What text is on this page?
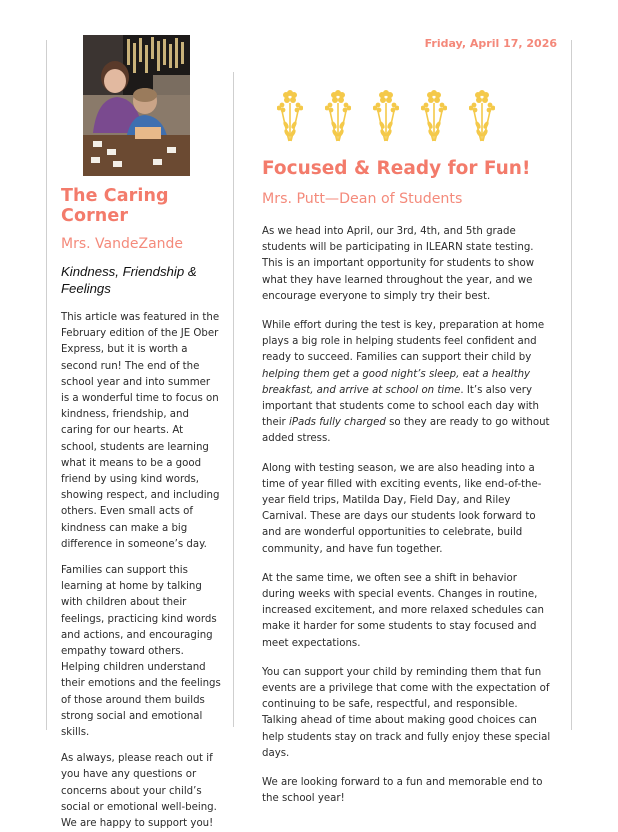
Friday, April 17, 2026
The Caring Corner
Mrs. VandeZande
Kindness, Friendship & Feelings

This article was featured in the February edition of the JE Ober Express, but it is worth a second run! The end of the school year and into summer is a wonderful time to focus on kindness, friendship, and caring for our hearts. At school, students are learning what it means to be a good friend by using kind words, showing respect, and including others. Even small acts of kindness can make a big difference in someone’s day.

Families can support this learning at home by talking with children about their feelings, practicing kind words and actions, and encouraging empathy toward others. Helping children understand their emotions and the feelings of those around them builds strong social and emotional skills.

As always, please reach out if you have any questions or concerns about your child’s social or emotional well-being. We are happy to support you!

Focused & Ready for Fun!
Mrs. Putt—Dean of Students

As we head into April, our 3rd, 4th, and 5th grade students will be participating in ILEARN state testing. This is an important opportunity for students to show what they have learned throughout the year, and we encourage everyone to simply try their best.

While effort during the test is key, preparation at home plays a big role in helping students feel confident and ready to succeed. Families can support their child by helping them get a good night’s sleep, eat a healthy breakfast, and arrive at school on time. It’s also very important that students come to school each day with their iPads fully charged so they are ready to go without added stress.

Along with testing season, we are also heading into a time of year filled with exciting events, like end-of-the-year field trips, Matilda Day, Field Day, and Riley Carnival. These are days our students look forward to and are wonderful opportunities to celebrate, build community, and have fun together.

At the same time, we often see a shift in behavior during weeks with special events. Changes in routine, increased excitement, and more relaxed schedules can make it harder for some students to stay focused and meet expectations.

You can support your child by reminding them that fun events are a privilege that come with the expectation of continuing to be safe, respectful, and responsible. Talking ahead of time about making good choices can help students stay on track and fully enjoy these special days.

We are looking forward to a fun and memorable end to the school year!
